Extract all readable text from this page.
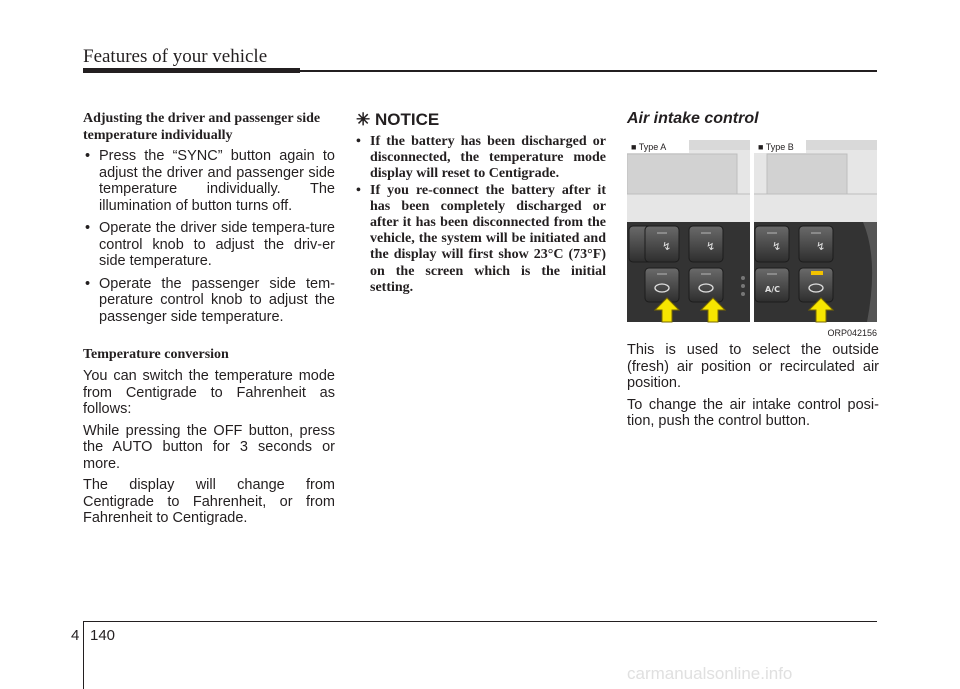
Features of your vehicle

Adjusting the driver and passenger side temperature individually

• Press the “SYNC” button again to adjust the driver and passenger side temperature individually. The illumination of button turns off.

• Operate the driver side tempera-ture control knob to adjust the driv-er side temperature.

• Operate the passenger side tem-perature control knob to adjust the passenger side temperature.

Temperature conversion

You can switch the temperature mode from Centigrade to Fahrenheit as follows:

While pressing the OFF button, press the AUTO button for 3 seconds or more.

The display will change from Centigrade to Fahrenheit, or from Fahrenheit to Centigrade.

✳ NOTICE

• If the battery has been discharged or disconnected, the temperature mode display will reset to Centigrade.

• If you re-connect the battery after it has been completely discharged or after it has been disconnected from the vehicle, the system will be initiated and the display will first show 23°C (73°F) on the screen which is the initial setting.

Air intake control

↯	↯	↯	↯
A/C
■ Type A	■ Type B
ORP042156

This is used to select the outside (fresh) air position or recirculated air position.

To change the air intake control posi-tion, push the control button.

4 140
carmanualsonline.info
